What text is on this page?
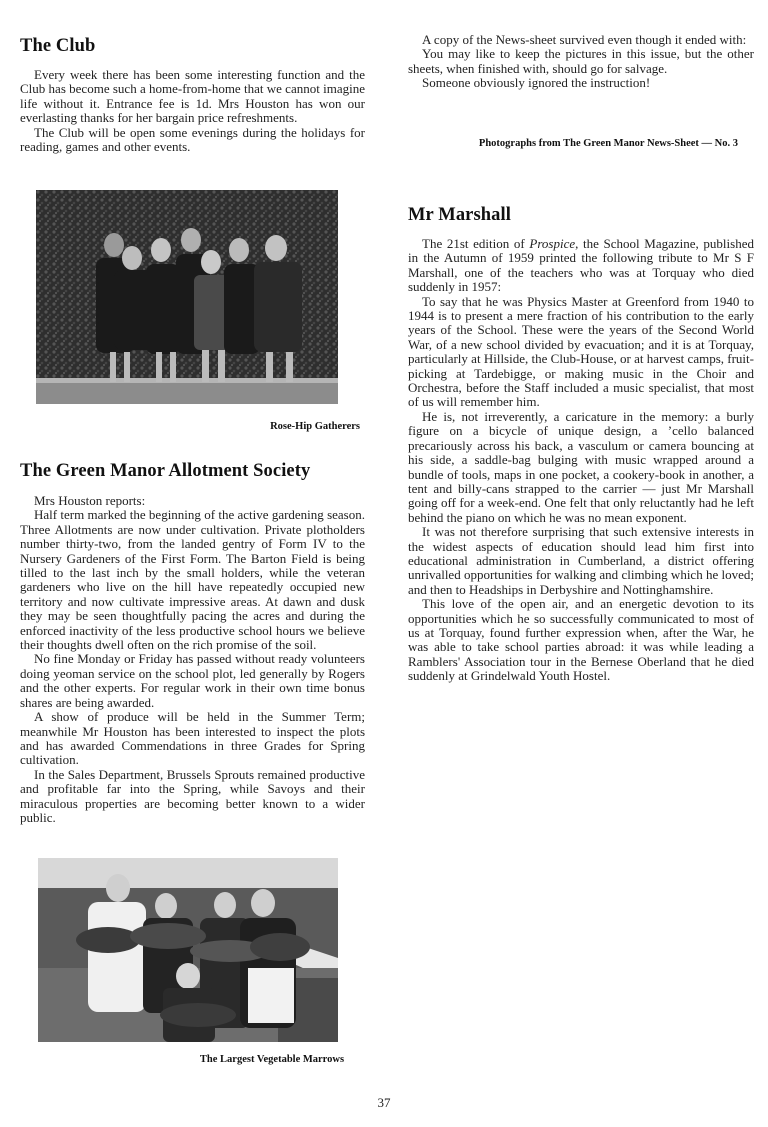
The Club

Every week there has been some interesting function and the Club has become such a home-from-home that we cannot imagine life without it. Entrance fee is 1d. Mrs Houston has won our everlasting thanks for her bargain price refreshments.

The Club will be open some evenings during the holidays for reading, games and other events.

Rose-Hip Gatherers
The Green Manor Allotment Society

Mrs Houston reports:

Half term marked the beginning of the active gardening season. Three Allotments are now under cultivation. Private plotholders number thirty-two, from the landed gentry of Form IV to the Nursery Gardeners of the First Form. The Barton Field is being tilled to the last inch by the small holders, while the veteran gardeners who live on the hill have repeatedly occupied new territory and now cultivate impressive areas. At dawn and dusk they may be seen thoughtfully pacing the acres and during the enforced inactivity of the less productive school hours we believe their thoughts dwell often on the rich promise of the soil.

No fine Monday or Friday has passed without ready volunteers doing yeoman service on the school plot, led generally by Rogers and the other experts. For regular work in their own time bonus shares are being awarded.

A show of produce will be held in the Summer Term; meanwhile Mr Houston has been interested to inspect the plots and has awarded Commendations in three Grades for Spring cultivation.

In the Sales Department, Brussels Sprouts remained productive and profitable far into the Spring, while Savoys and their miraculous properties are becoming better known to a wider public.

The Largest Vegetable Marrows

A copy of the News-sheet survived even though it ended with:

You may like to keep the pictures in this issue, but the other sheets, when finished with, should go for salvage.

Someone obviously ignored the instruction!

Photographs from The Green Manor News-Sheet — No. 3
Mr Marshall

The 21st edition of Prospice, the School Magazine, published in the Autumn of 1959 printed the following tribute to Mr S F Marshall, one of the teachers who was at Torquay who died suddenly in 1957:

To say that he was Physics Master at Greenford from 1940 to 1944 is to present a mere fraction of his contribution to the early years of the School. These were the years of the Second World War, of a new school divided by evacuation; and it is at Torquay, particularly at Hillside, the Club-House, or at harvest camps, fruit-picking at Tardebigge, or making music in the Choir and Orchestra, before the Staff included a music specialist, that most of us will remember him.

He is, not irreverently, a caricature in the memory: a burly figure on a bicycle of unique design, a ’cello balanced precariously across his back, a vasculum or camera bouncing at his side, a saddle-bag bulging with music wrapped around a bundle of tools, maps in one pocket, a cookery-book in another, a tent and billy-cans strapped to the carrier — just Mr Marshall going off for a week-end. One felt that only reluctantly had he left behind the piano on which he was no mean exponent.

It was not therefore surprising that such extensive interests in the widest aspects of education should lead him first into educational administration in Cumberland, a district offering unrivalled opportunities for walking and climbing which he loved; and then to Headships in Derbyshire and Nottinghamshire.

This love of the open air, and an energetic devotion to its opportunities which he so successfully communicated to most of us at Torquay, found further expression when, after the War, he was able to take school parties abroad: it was while leading a Ramblers' Association tour in the Bernese Oberland that he died suddenly at Grindelwald Youth Hostel.

37
